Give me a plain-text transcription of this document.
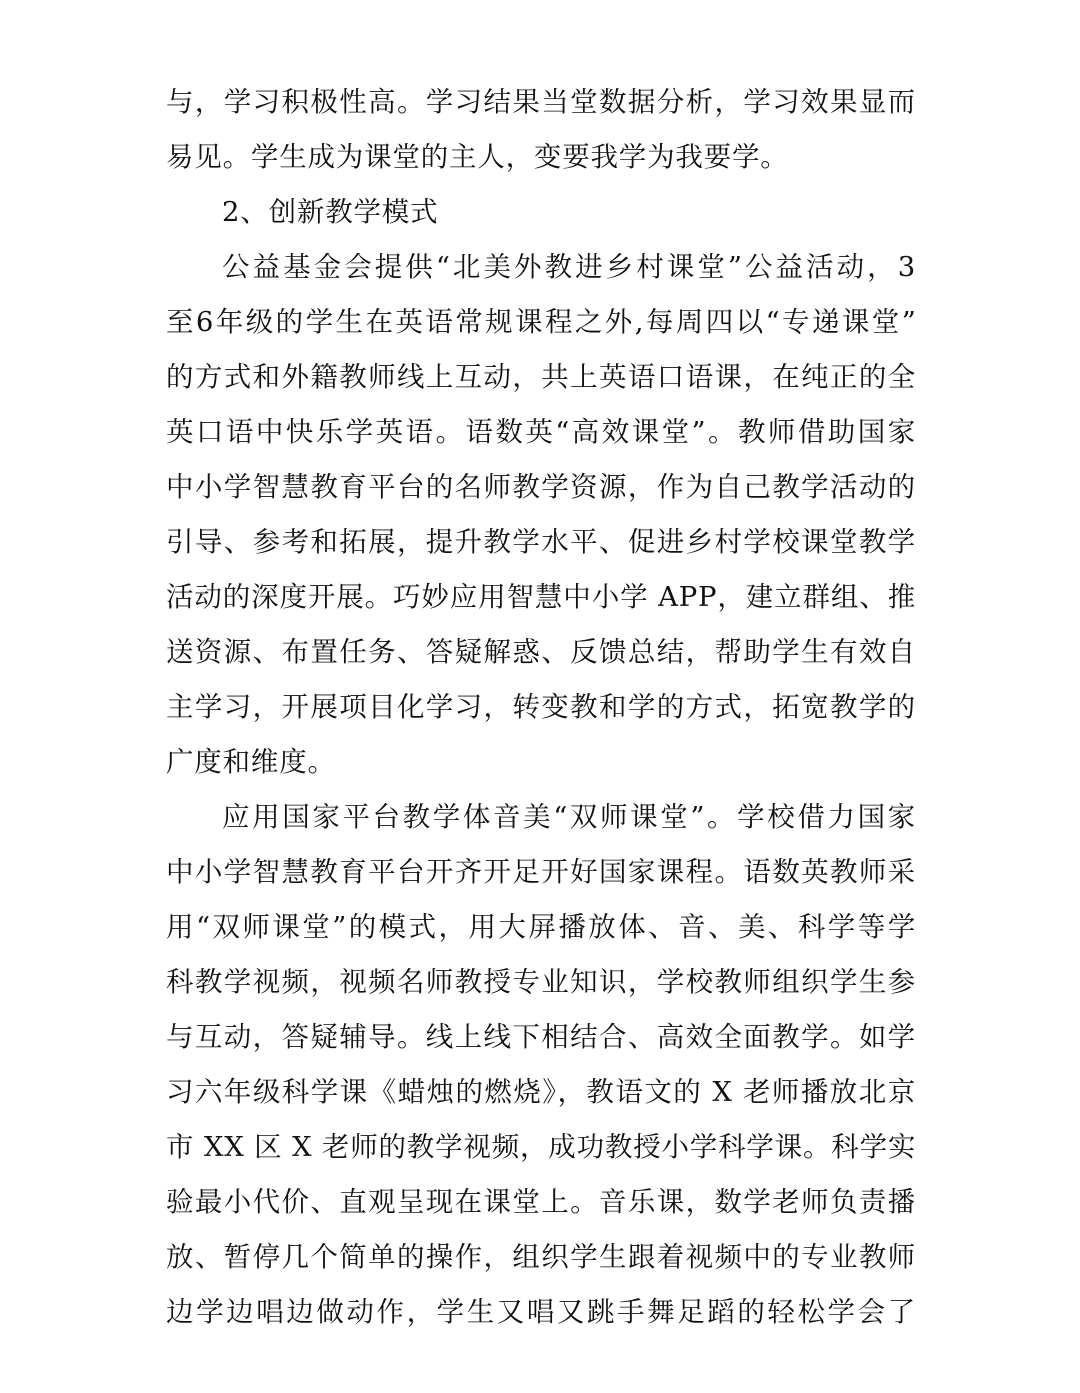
与，学习积极性高。学习结果当堂数据分析，学习效果显而
易见。学生成为课堂的主人，变要我学为我要学。
2、创新教学模式
公益基金会提供“北美外教进乡村课堂”公益活动，3
至6年级的学生在英语常规课程之外,每周四以“专递课堂”
的方式和外籍教师线上互动，共上英语口语课，在纯正的全
英口语中快乐学英语。语数英“高效课堂”。教师借助国家
中小学智慧教育平台的名师教学资源，作为自己教学活动的
引导、参考和拓展，提升教学水平、促进乡村学校课堂教学
活动的深度开展。巧妙应用智慧中小学 APP，建立群组、推
送资源、布置任务、答疑解惑、反馈总结，帮助学生有效自
主学习，开展项目化学习，转变教和学的方式，拓宽教学的
广度和维度。
应用国家平台教学体音美“双师课堂”。学校借力国家
中小学智慧教育平台开齐开足开好国家课程。语数英教师采
用“双师课堂”的模式，用大屏播放体、音、美、科学等学
科教学视频，视频名师教授专业知识，学校教师组织学生参
与互动，答疑辅导。线上线下相结合、高效全面教学。如学
习六年级科学课《蜡烛的燃烧》，教语文的 X 老师播放北京
市 XX 区 X 老师的教学视频，成功教授小学科学课。科学实
验最小代价、直观呈现在课堂上。音乐课，数学老师负责播
放、暂停几个简单的操作，组织学生跟着视频中的专业教师
边学边唱边做动作，学生又唱又跳手舞足蹈的轻松学会了
